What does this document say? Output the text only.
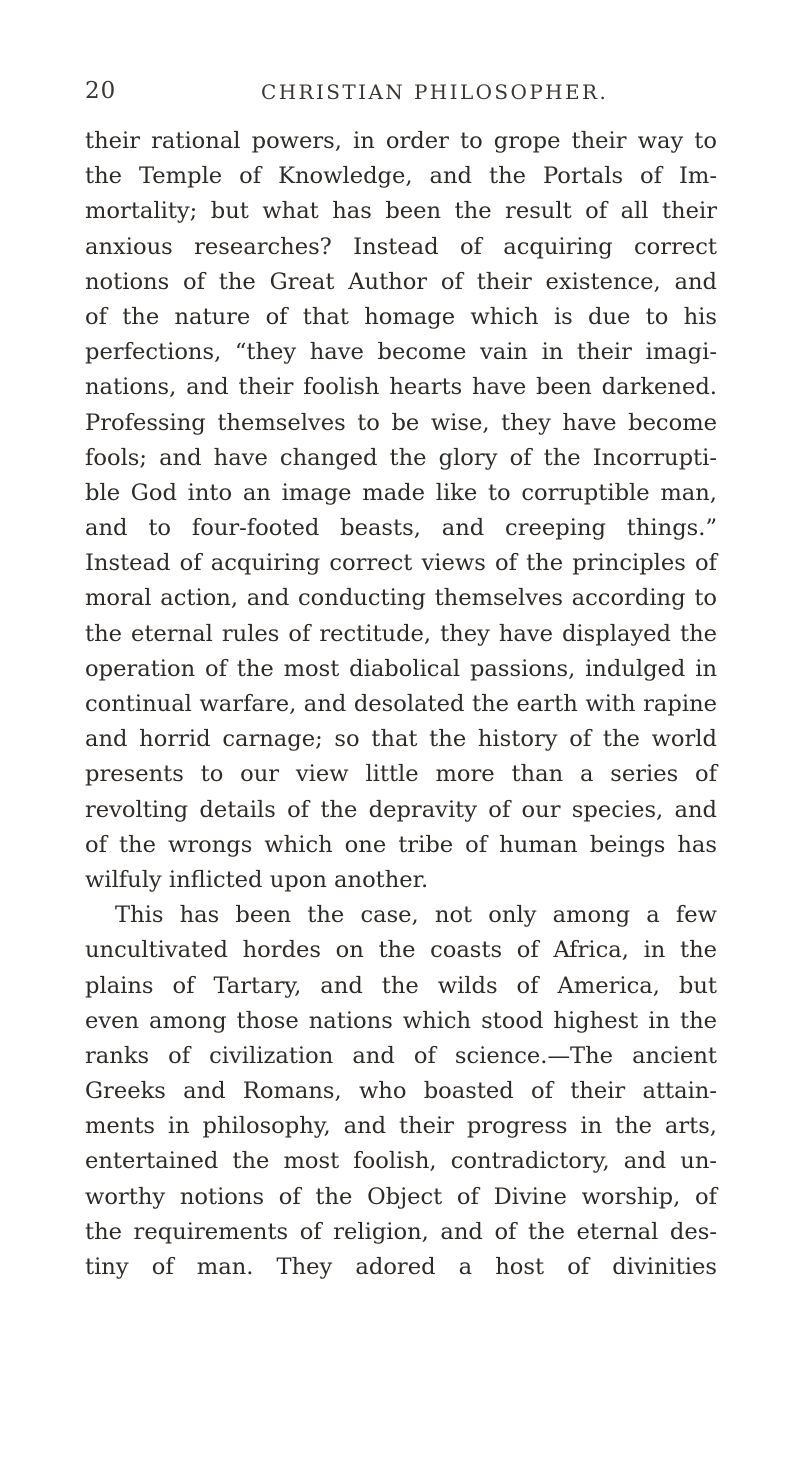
20	CHRISTIAN PHILOSOPHER.
their rational powers, in order to grope their way to
the Temple of Knowledge, and the Portals of Im-
mortality; but what has been the result of all their
anxious researches? Instead of acquiring correct
notions of the Great Author of their existence, and
of the nature of that homage which is due to his
perfections, “they have become vain in their imagi-
nations, and their foolish hearts have been darkened.
Professing themselves to be wise, they have become
fools; and have changed the glory of the Incorrupti-
ble God into an image made like to corruptible man,
and to four-footed beasts, and creeping things.”
Instead of acquiring correct views of the principles of
moral action, and conducting themselves according to
the eternal rules of rectitude, they have displayed the
operation of the most diabolical passions, indulged in
continual warfare, and desolated the earth with rapine
and horrid carnage; so that the history of the world
presents to our view little more than a series of
revolting details of the depravity of our species, and
of the wrongs which one tribe of human beings has
wilfuly inflicted upon another.
This has been the case, not only among a few
uncultivated hordes on the coasts of Africa, in the
plains of Tartary, and the wilds of America, but
even among those nations which stood highest in the
ranks of civilization and of science.—The ancient
Greeks and Romans, who boasted of their attain-
ments in philosophy, and their progress in the arts,
entertained the most foolish, contradictory, and un-
worthy notions of the Object of Divine worship, of
the requirements of religion, and of the eternal des-
tiny of man. They adored a host of divinities
